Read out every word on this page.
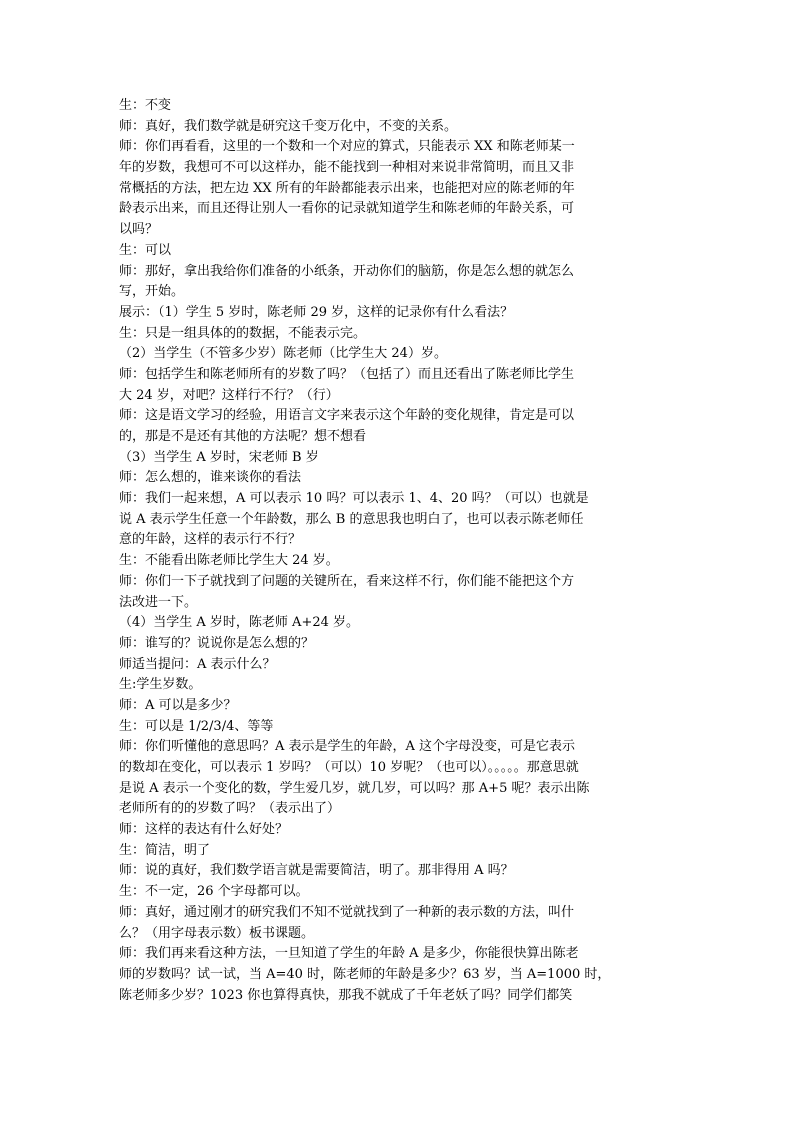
生：不变
师：真好，我们数学就是研究这千变万化中，不变的关系。
师：你们再看看，这里的一个数和一个对应的算式，只能表示 XX 和陈老师某一
年的岁数，我想可不可以这样办，能不能找到一种相对来说非常简明，而且又非
常概括的方法，把左边 XX 所有的年龄都能表示出来，也能把对应的陈老师的年
龄表示出来，而且还得让别人一看你的记录就知道学生和陈老师的年龄关系，可
以吗？
生：可以
师：那好，拿出我给你们准备的小纸条，开动你们的脑筋，你是怎么想的就怎么
写，开始。
展示：（1）学生 5 岁时，陈老师 29 岁，这样的记录你有什么看法？
生：只是一组具体的的数据，不能表示完。
（2）当学生（不管多少岁）陈老师（比学生大 24）岁。
师：包括学生和陈老师所有的岁数了吗？（包括了）而且还看出了陈老师比学生
大 24 岁，对吧？这样行不行？（行）
师：这是语文学习的经验，用语言文字来表示这个年龄的变化规律，肯定是可以
的，那是不是还有其他的方法呢？想不想看
（3）当学生 A 岁时，宋老师 B 岁
师：怎么想的，谁来谈你的看法
师：我们一起来想，A 可以表示 10 吗？可以表示 1、4、20 吗？（可以）也就是
说 A 表示学生任意一个年龄数，那么 B 的意思我也明白了，也可以表示陈老师任
意的年龄，这样的表示行不行？
生：不能看出陈老师比学生大 24 岁。
师：你们一下子就找到了问题的关键所在，看来这样不行，你们能不能把这个方
法改进一下。
（4）当学生 A 岁时，陈老师 A+24 岁。
师：谁写的？说说你是怎么想的？
师适当提问：A 表示什么？
生:学生岁数。
师：A 可以是多少？
生：可以是 1/2/3/4、等等
师：你们听懂他的意思吗？A 表示是学生的年龄，A 这个字母没变，可是它表示
的数却在变化，可以表示 1 岁吗？（可以）10 岁呢？（也可以）。。。。。那意思就
是说 A 表示一个变化的数，学生爱几岁，就几岁，可以吗？那 A+5 呢？表示出陈
老师所有的的岁数了吗？（表示出了）
师：这样的表达有什么好处？
生：简洁，明了
师：说的真好，我们数学语言就是需要简洁，明了。那非得用 A 吗？
生：不一定，26 个字母都可以。
师：真好，通过刚才的研究我们不知不觉就找到了一种新的表示数的方法，叫什
么？（用字母表示数）板书课题。
师：我们再来看这种方法，一旦知道了学生的年龄 A 是多少，你能很快算出陈老
师的岁数吗？试一试，当 A=40 时，陈老师的年龄是多少？63 岁，当 A=1000 时，
陈老师多少岁？1023 你也算得真快，那我不就成了千年老妖了吗？同学们都笑
